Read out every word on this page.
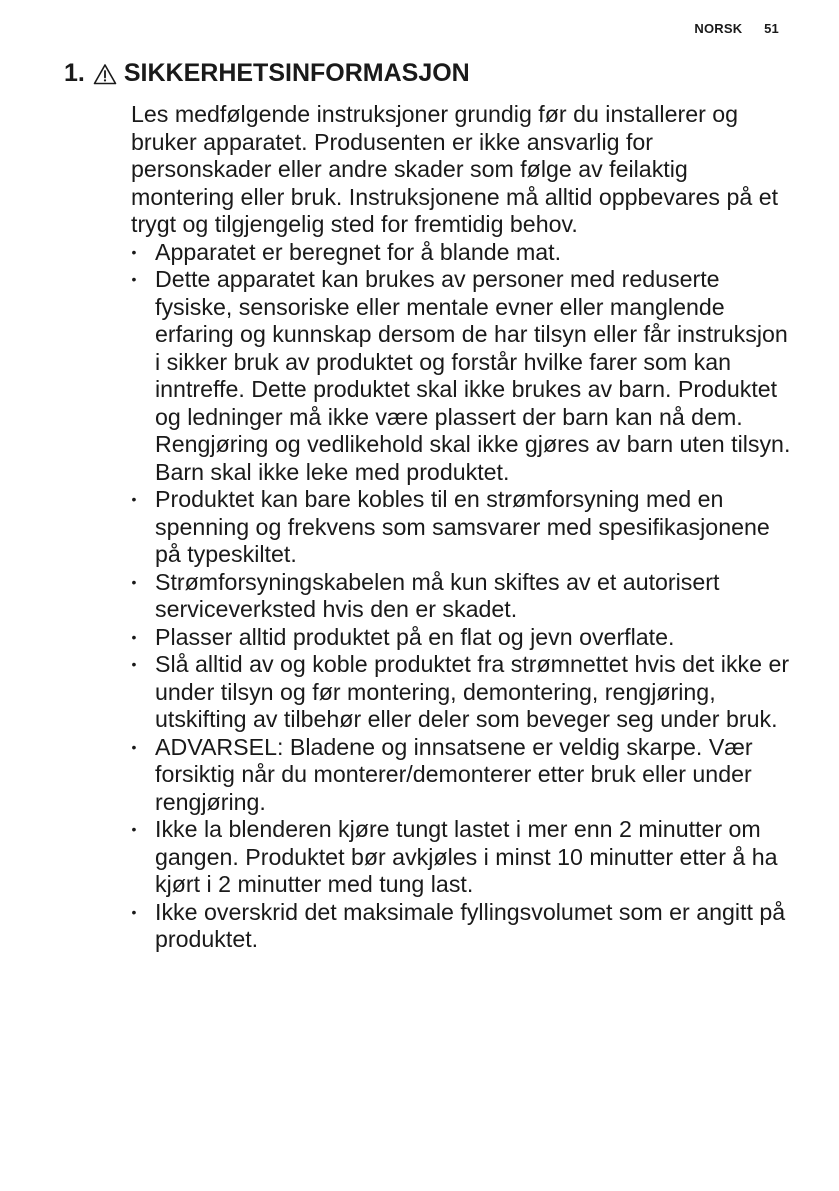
NORSK 51
1. SIKKERHETSINFORMASJON

Les medfølgende instruksjoner grundig før du installerer og bruker apparatet. Produsenten er ikke ansvarlig for personskader eller andre skader som følge av feilaktig montering eller bruk. Instruksjonene må alltid oppbevares på et trygt og tilgjengelig sted for fremtidig behov.

• Apparatet er beregnet for å blande mat.
• Dette apparatet kan brukes av personer med reduserte fysiske, sensoriske eller mentale evner eller manglende erfaring og kunnskap dersom de har tilsyn eller får instruksjon i sikker bruk av produktet og forstår hvilke farer som kan inntreffe. Dette produktet skal ikke brukes av barn. Produktet og ledninger må ikke være plassert der barn kan nå dem. Rengjøring og vedlikehold skal ikke gjøres av barn uten tilsyn. Barn skal ikke leke med produktet.
• Produktet kan bare kobles til en strømforsyning med en spenning og frekvens som samsvarer med spesifikasjonene på typeskiltet.
• Strømforsyningskabelen må kun skiftes av et autorisert serviceverksted hvis den er skadet.
• Plasser alltid produktet på en flat og jevn overflate.
• Slå alltid av og koble produktet fra strømnettet hvis det ikke er under tilsyn og før montering, demontering, rengjøring, utskifting av tilbehør eller deler som beveger seg under bruk.
• ADVARSEL: Bladene og innsatsene er veldig skarpe. Vær forsiktig når du monterer/demonterer etter bruk eller under rengjøring.
• Ikke la blenderen kjøre tungt lastet i mer enn 2 minutter om gangen. Produktet bør avkjøles i minst 10 minutter etter å ha kjørt i 2 minutter med tung last.
• Ikke overskrid det maksimale fyllingsvolumet som er angitt på produktet.
